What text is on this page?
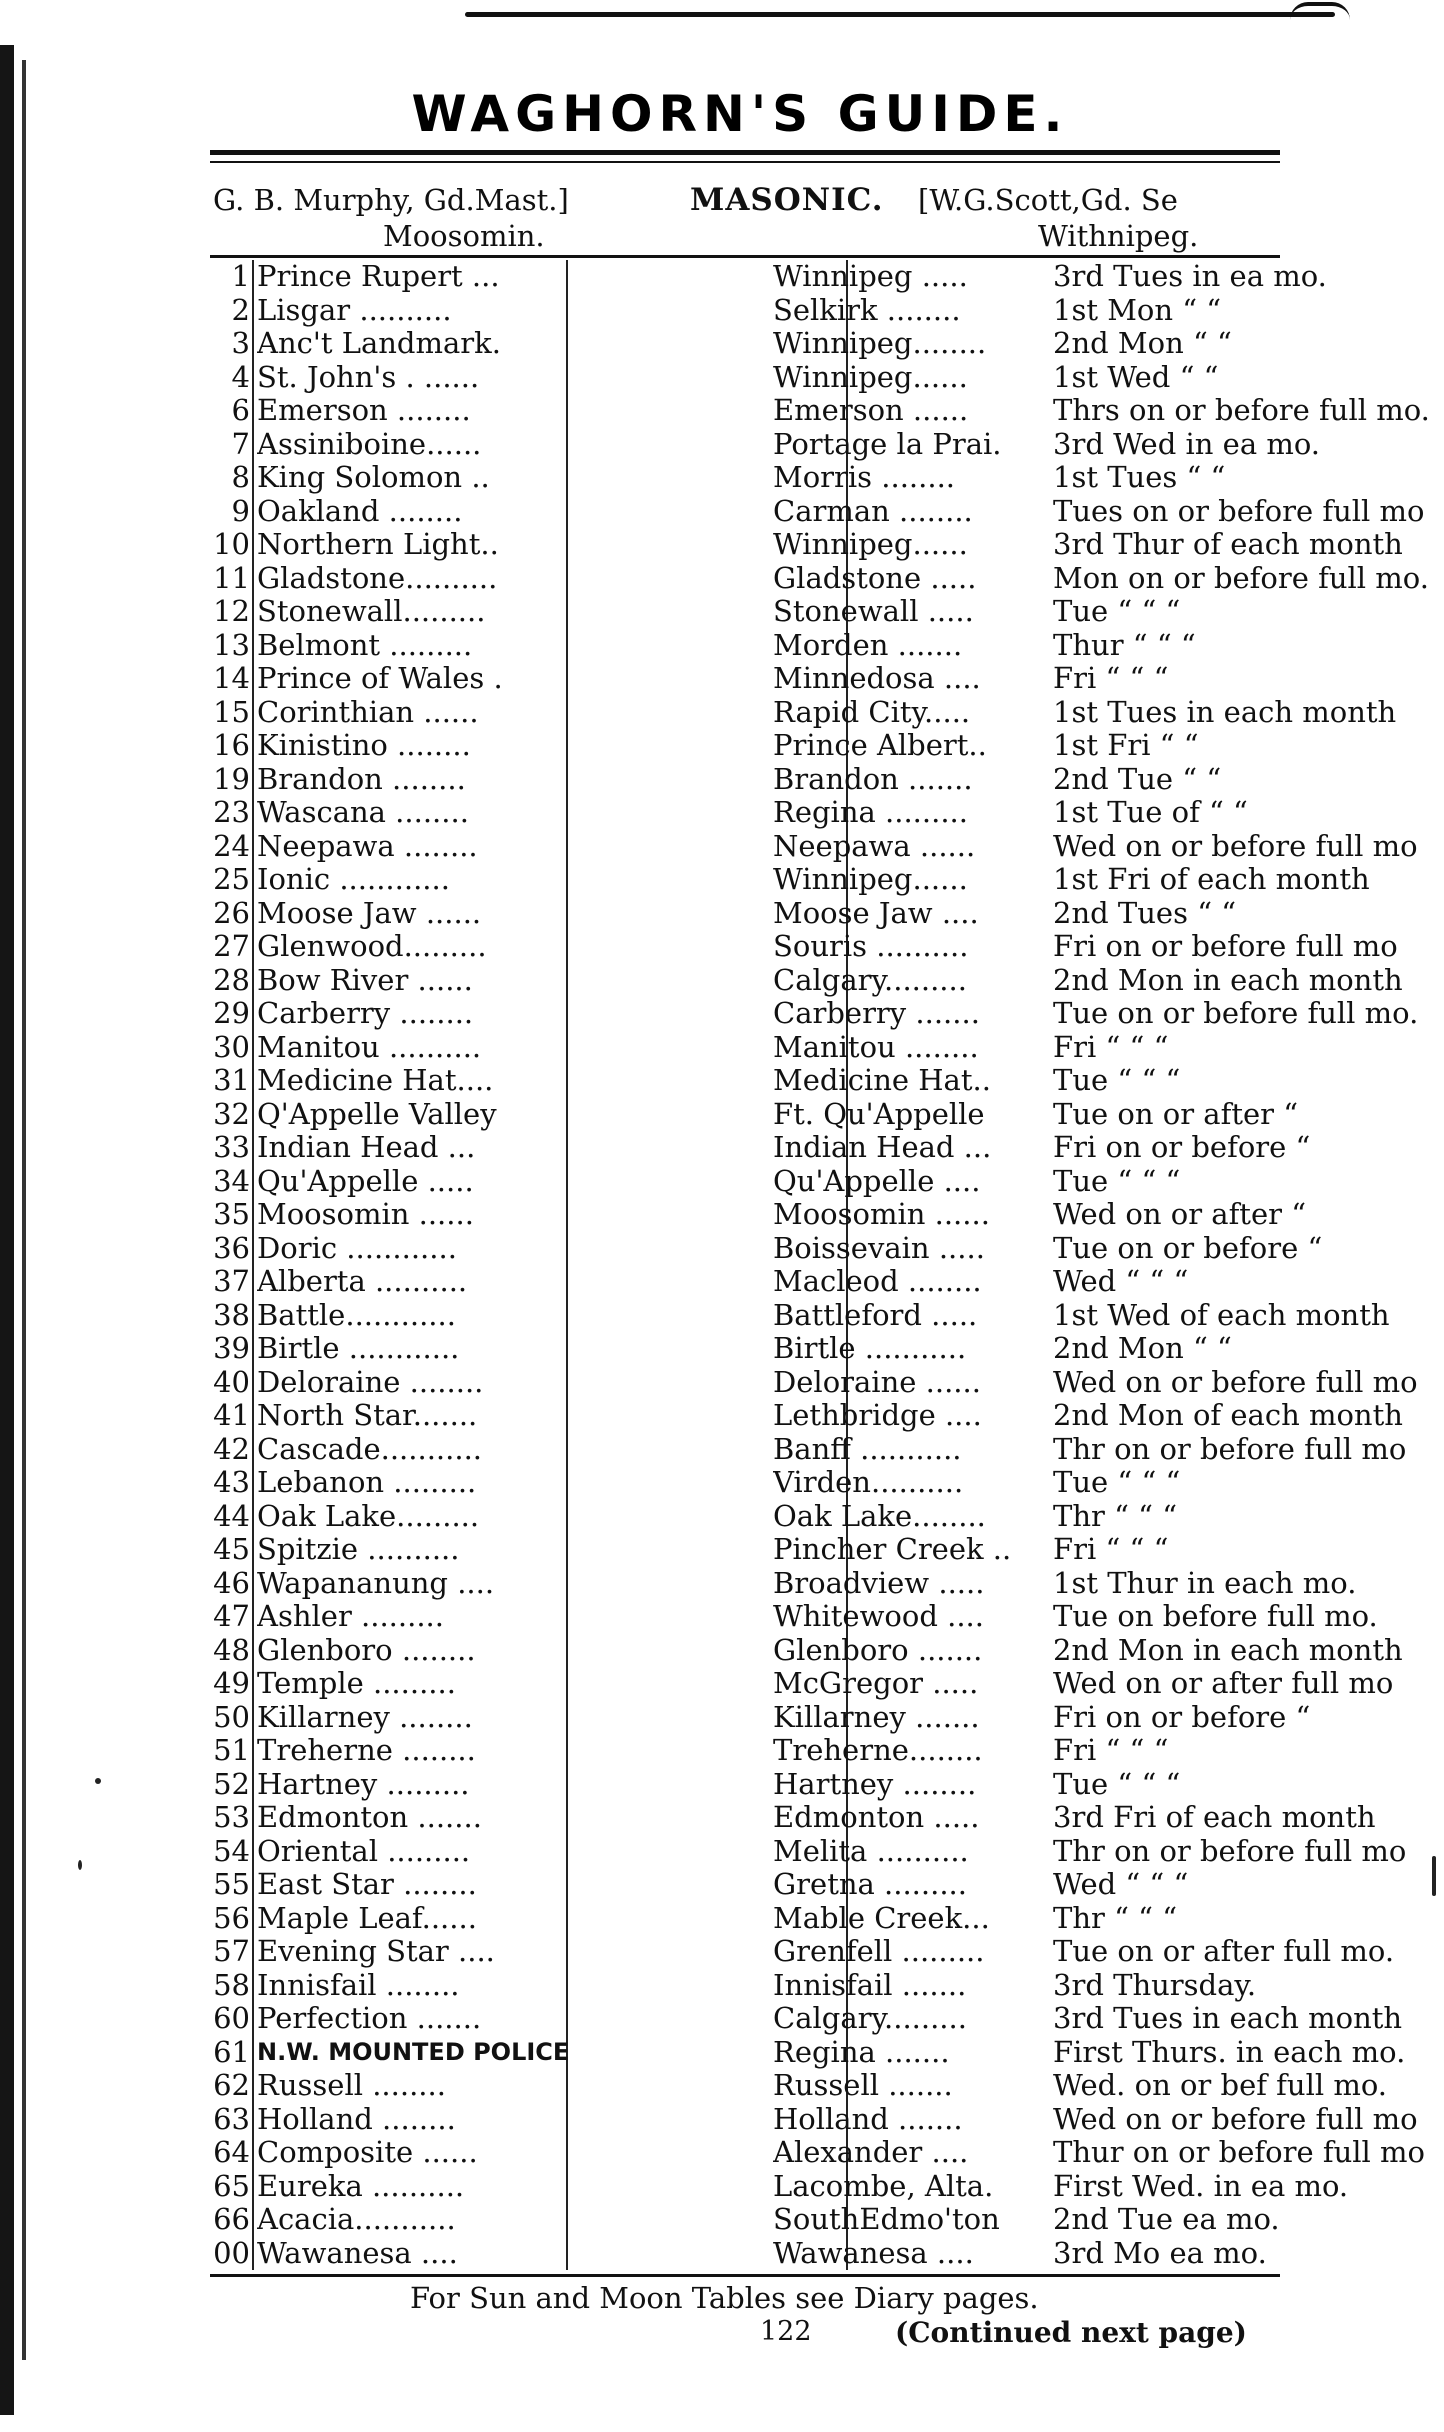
WAGHORN'S GUIDE.
G. B. Murphy, Gd.Mast.]
Moosomin.
MASONIC. [W.G.Scott,Gd. Se
Withnipeg.
1 Prince Rupert ...	Winnipeg .....	3rd Tues in ea mo.
2 Lisgar ..........	Selkirk ........	1st Mon “ “
3 Anc't Landmark.	Winnipeg........	2nd Mon “ “
4 St. John's . ......	Winnipeg......	1st Wed “ “
6 Emerson ........	Emerson ......	Thrs on or before full mo.
7 Assiniboine......	Portage la Prai.	3rd Wed in ea mo.
8 King Solomon ..	Morris ........	1st Tues “ “
9 Oakland ........	Carman ........	Tues on or before full mo
10 Northern Light..	Winnipeg......	3rd Thur of each month
11 Gladstone..........	Gladstone .....	Mon on or before full mo.
12 Stonewall.........	Stonewall .....	Tue “ “ “
13 Belmont .........	Morden .......	Thur “ “ “
14 Prince of Wales .	Minnedosa ....	Fri “ “ “
15 Corinthian ......	Rapid City.....	1st Tues in each month
16 Kinistino ........	Prince Albert..	1st Fri “ “
19 Brandon ........	Brandon .......	2nd Tue “ “
23 Wascana ........	Regina .........	1st Tue of “ “
24 Neepawa ........	Neepawa ......	Wed on or before full mo
25 Ionic ............	Winnipeg......	1st Fri of each month
26 Moose Jaw ......	Moose Jaw ....	2nd Tues “ “
27 Glenwood.........	Souris ..........	Fri on or before full mo
28 Bow River ......	Calgary.........	2nd Mon in each month
29 Carberry ........	Carberry .......	Tue on or before full mo.
30 Manitou ..........	Manitou ........	Fri “ “ “
31 Medicine Hat....	Medicine Hat..	Tue “ “ “
32 Q'Appelle Valley	Ft. Qu'Appelle	Tue on or after “
33 Indian Head ...	Indian Head ...	Fri on or before “
34 Qu'Appelle .....	Qu'Appelle ....	Tue “ “ “
35 Moosomin ......	Moosomin ......	Wed on or after “
36 Doric ............	Boissevain .....	Tue on or before “
37 Alberta ..........	Macleod ........	Wed “ “ “
38 Battle............	Battleford .....	1st Wed of each month
39 Birtle ............	Birtle ...........	2nd Mon “ “
40 Deloraine ........	Deloraine ......	Wed on or before full mo
41 North Star.......	Lethbridge ....	2nd Mon of each month
42 Cascade...........	Banff ...........	Thr on or before full mo
43 Lebanon .........	Virden..........	Tue “ “ “
44 Oak Lake.........	Oak Lake........	Thr “ “ “
45 Spitzie ..........	Pincher Creek ..	Fri “ “ “
46 Wapananung ....	Broadview .....	1st Thur in each mo.
47 Ashler .........	Whitewood ....	Tue on before full mo.
48 Glenboro ........	Glenboro .......	2nd Mon in each month
49 Temple .........	McGregor .....	Wed on or after full mo
50 Killarney ........	Killarney .......	Fri on or before “
51 Treherne ........	Treherne........	Fri “ “ “
52 Hartney .........	Hartney ........	Tue “ “ “
53 Edmonton .......	Edmonton .....	3rd Fri of each month
54 Oriental .........	Melita ..........	Thr on or before full mo
55 East Star ........	Gretna .........	Wed “ “ “
56 Maple Leaf......	Mable Creek...	Thr “ “ “
57 Evening Star ....	Grenfell .........	Tue on or after full mo.
58 Innisfail ........	Innisfail .......	3rd Thursday.
60 Perfection .......	Calgary.........	3rd Tues in each month
61 N.W. MOUNTED POLICE	Regina .......	First Thurs. in each mo.
62 Russell ........	Russell .......	Wed. on or bef full mo.
63 Holland ........	Holland .......	Wed on or before full mo
64 Composite ......	Alexander ....	Thur on or before full mo
65 Eureka ..........	Lacombe, Alta.	First Wed. in ea mo.
66 Acacia...........	SouthEdmo'ton	2nd Tue ea mo.
00 Wawanesa ....	Wawanesa ....	3rd Mo ea mo.
For Sun and Moon Tables see Diary pages.
122	(Continued next page)
